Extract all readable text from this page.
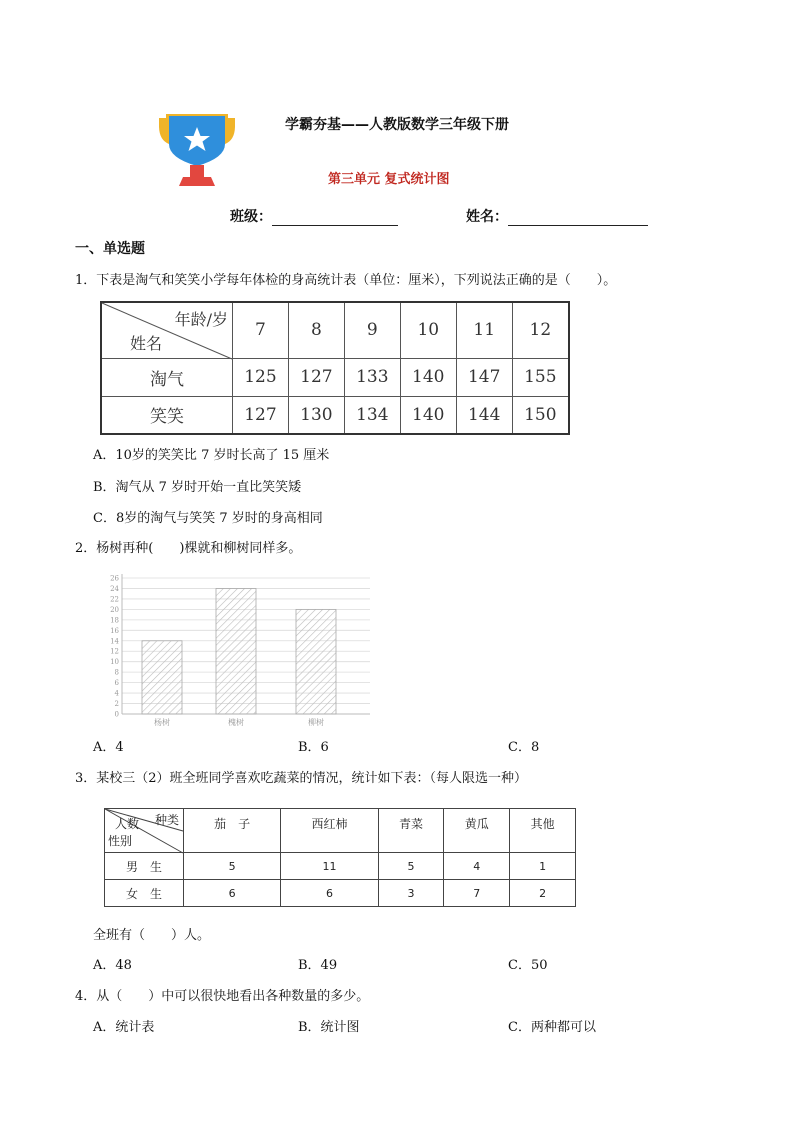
学霸夯基——人教版数学三年级下册
第三单元 复式统计图
班级：	姓名：
一、单选题
1．下表是淘气和笑笑小学每年体检的身高统计表（单位：厘米），下列说法正确的是（　　）。
年龄/岁
姓名	7	8	9	10	11	12
淘气	125	127	133	140	147	155
笑笑	127	130	134	140	144	150
A．10岁的笑笑比 7 岁时长高了 15 厘米
B．淘气从 7 岁时开始一直比笑笑矮
C．8岁的淘气与笑笑 7 岁时的身高相同
2．杨树再种(　　)棵就和柳树同样多。
0
2
4
6
8
10
12
14
16
18
20
22
24
26
杨树	槐树	柳树
A．4	B．6	C．8
3．某校三（2）班全班同学喜欢吃蔬菜的情况，统计如下表：（每人限选一种）
种类
人数
性别	茄　子	西红柿	青菜	黄瓜	其他
男　生	5	11	5	4	1
女　生	6	6	3	7	2
全班有（　　）人。
A．48	B．49	C．50
4．从（　　）中可以很快地看出各种数量的多少。
A．统计表	B．统计图	C．两种都可以
